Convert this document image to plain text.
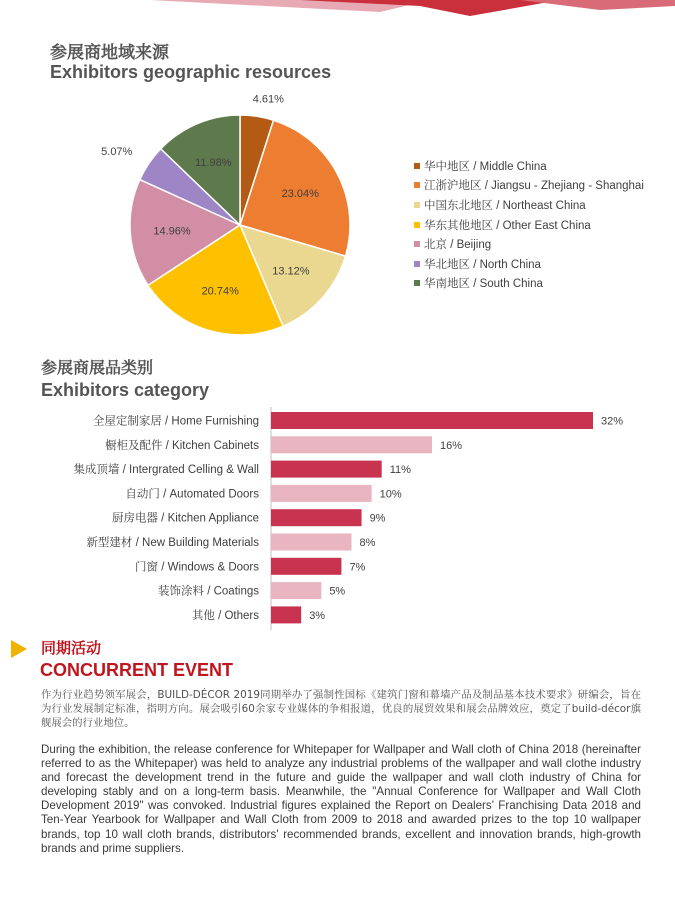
参展商地域来源
Exhibitors geographic resources
4.61%
23.04%
13.12%
20.74%
14.96%
5.07%
11.98%	华中地区 / Middle China
江浙沪地区 / Jiangsu - Zhejiang - Shanghai
中国东北地区 / Northeast China
华东其他地区 / Other East China
北京 / Beijing
华北地区 / North China
华南地区 / South China
参展商展品类别
Exhibitors category
全屋定制家居 / Home Furnishing	32%
橱柜及配件 / Kitchen Cabinets	16%
集成顶墙 / Intergrated Celling & Wall	11%
自动门 / Automated Doors	10%
厨房电器 / Kitchen Appliance	9%
新型建材 / New Building Materials	8%
门窗 / Windows & Doors	7%
装饰涂料 / Coatings	5%
其他 / Others	3%
同期活动
CONCURRENT EVENT
作为行业趋势领军展会，BUILD-DÉCOR 2019同期举办了强制性国标《建筑门窗和幕墙产品及制品基本技术要求》研编会，旨在为行业发展制定标准，指明方向。展会吸引60余家专业媒体的争相报道，优良的展贸效果和展会品牌效应，奠定了build-décor旗舰展会的行业地位。
During the exhibition, the release conference for Whitepaper for Wallpaper and Wall cloth of China 2018 (hereinafter referred to as the Whitepaper) was held to analyze any industrial problems of the wallpaper and wall clothe industry and forecast the development trend in the future and guide the wallpaper and wall cloth industry of China for developing stably and on a long-term basis. Meanwhile, the "Annual Conference for Wallpaper and Wall Cloth Development 2019" was convoked. Industrial figures explained the Report on Dealers' Franchising Data 2018 and Ten-Year Yearbook for Wallpaper and Wall Cloth from 2009 to 2018 and awarded prizes to the top 10 wallpaper brands, top 10 wall cloth brands, distributors' recommended brands, excellent and innovation brands, high-growth brands and prime suppliers.
